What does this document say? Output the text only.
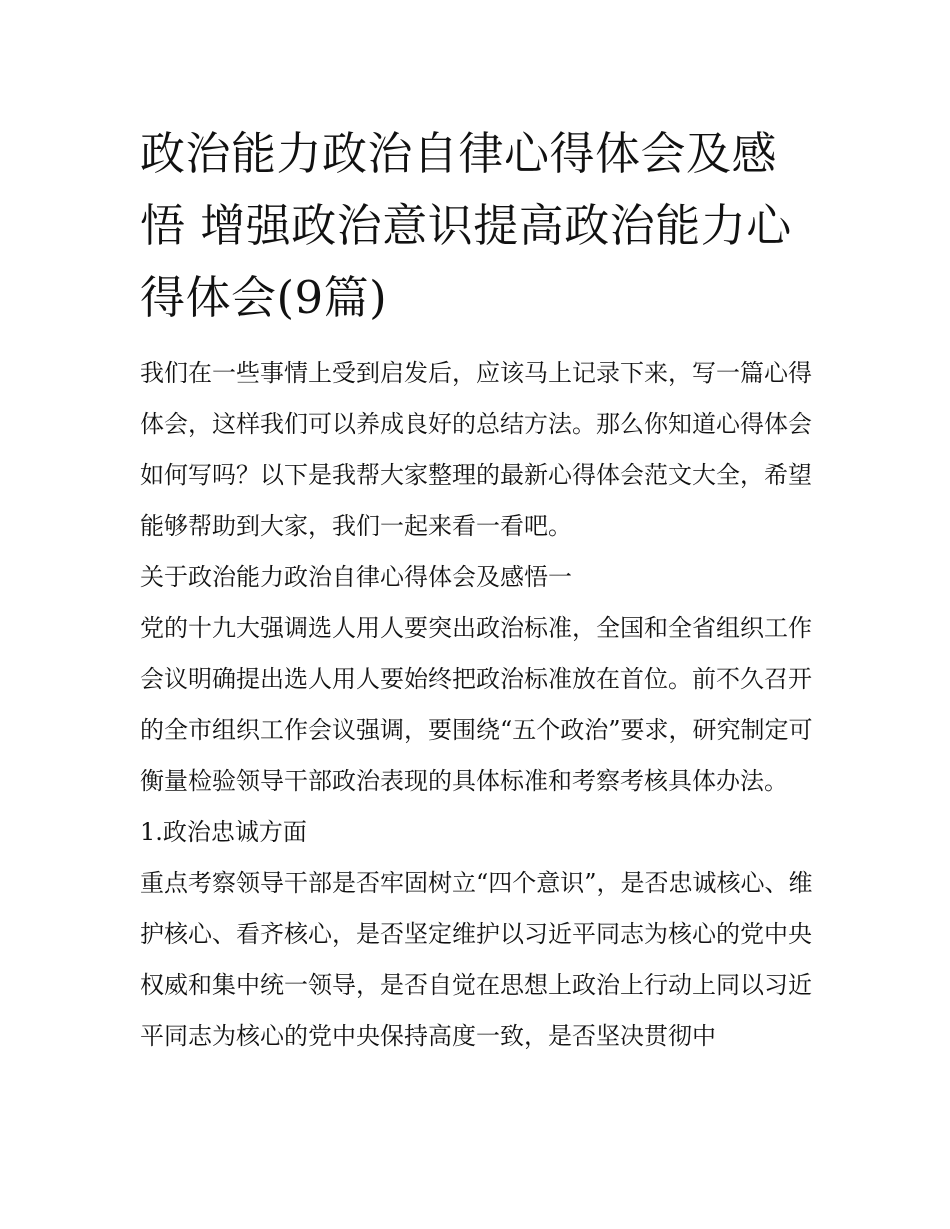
政治能力政治自律心得体会及感悟 增强政治意识提高政治能力心得体会(9篇)

我们在一些事情上受到启发后，应该马上记录下来，写一篇心得体会，这样我们可以养成良好的总结方法。那么你知道心得体会如何写吗？以下是我帮大家整理的最新心得体会范文大全，希望能够帮助到大家，我们一起来看一看吧。

关于政治能力政治自律心得体会及感悟一

党的十九大强调选人用人要突出政治标准，全国和全省组织工作会议明确提出选人用人要始终把政治标准放在首位。前不久召开的全市组织工作会议强调，要围绕“五个政治”要求，研究制定可衡量检验领导干部政治表现的具体标准和考察考核具体办法。

1.政治忠诚方面

重点考察领导干部是否牢固树立“四个意识”，是否忠诚核心、维护核心、看齐核心，是否坚定维护以习近平同志为核心的党中央权威和集中统一领导，是否自觉在思想上政治上行动上同以习近平同志为核心的党中央保持高度一致，是否坚决贯彻中
